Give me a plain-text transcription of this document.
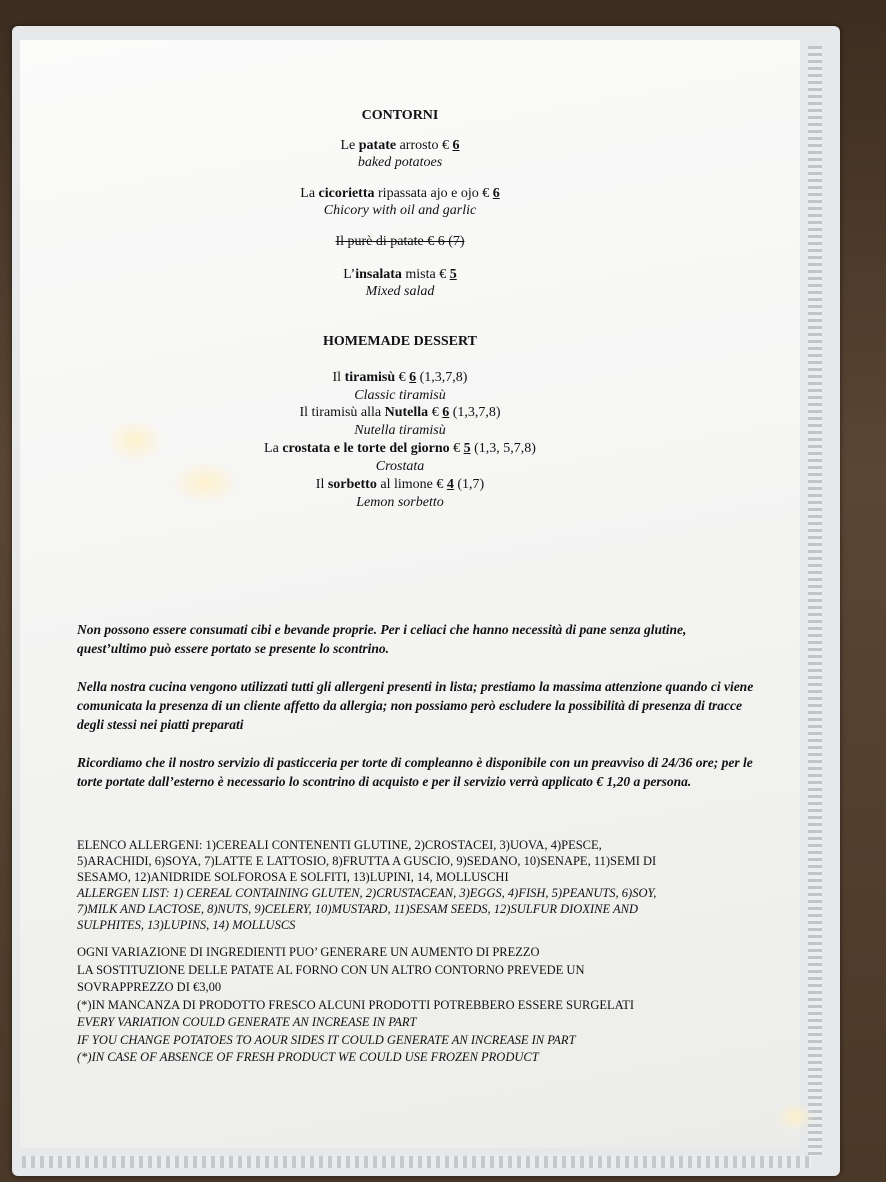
CONTORNI
Le patate arrosto € 6
baked potatoes
La cicorietta ripassata ajo e ojo € 6
Chicory with oil and garlic
Il purè di patate € 6 (7)
L’insalata mista € 5
Mixed salad
HOMEMADE DESSERT
Il tiramisù € 6 (1,3,7,8)
Classic tiramisù
Il tiramisù alla Nutella € 6 (1,3,7,8)
Nutella tiramisù
La crostata e le torte del giorno € 5 (1,3, 5,7,8)
Crostata
Il sorbetto al limone € 4 (1,7)
Lemon sorbetto

Non possono essere consumati cibi e bevande proprie. Per i celiaci che hanno necessità di pane senza glutine, quest’ultimo può essere portato se presente lo scontrino.

Nella nostra cucina vengono utilizzati tutti gli allergeni presenti in lista; prestiamo la massima attenzione quando ci viene comunicata la presenza di un cliente affetto da allergia; non possiamo però escludere la possibilità di presenza di tracce degli stessi nei piatti preparati

Ricordiamo che il nostro servizio di pasticceria per torte di compleanno è disponibile con un preavviso di 24/36 ore; per le torte portate dall’esterno è necessario lo scontrino di acquisto e per il servizio verrà applicato € 1,20 a persona.

ELENCO ALLERGENI: 1)CEREALI CONTENENTI GLUTINE, 2)CROSTACEI, 3)UOVA, 4)PESCE,
5)ARACHIDI, 6)SOYA, 7)LATTE E LATTOSIO, 8)FRUTTA A GUSCIO, 9)SEDANO, 10)SENAPE, 11)SEMI DI
SESAMO, 12)ANIDRIDE SOLFOROSA E SOLFITI, 13)LUPINI, 14, MOLLUSCHI
ALLERGEN LIST: 1) CEREAL CONTAINING GLUTEN, 2)CRUSTACEAN, 3)EGGS, 4)FISH, 5)PEANUTS, 6)SOY,
7)MILK AND LACTOSE, 8)NUTS, 9)CELERY, 10)MUSTARD, 11)SESAM SEEDS, 12)SULFUR DIOXINE AND
SULPHITES, 13)LUPINS, 14) MOLLUSCS
OGNI VARIAZIONE DI INGREDIENTI PUO’ GENERARE UN AUMENTO DI PREZZO
LA SOSTITUZIONE DELLE PATATE AL FORNO CON UN ALTRO CONTORNO PREVEDE UN
SOVRAPPREZZO DI €3,00
(*)IN MANCANZA DI PRODOTTO FRESCO ALCUNI PRODOTTI POTREBBERO ESSERE SURGELATI
EVERY VARIATION COULD GENERATE AN INCREASE IN PART
IF YOU CHANGE POTATOES TO AOUR SIDES IT COULD GENERATE AN INCREASE IN PART
(*)IN CASE OF ABSENCE OF FRESH PRODUCT WE COULD USE FROZEN PRODUCT
